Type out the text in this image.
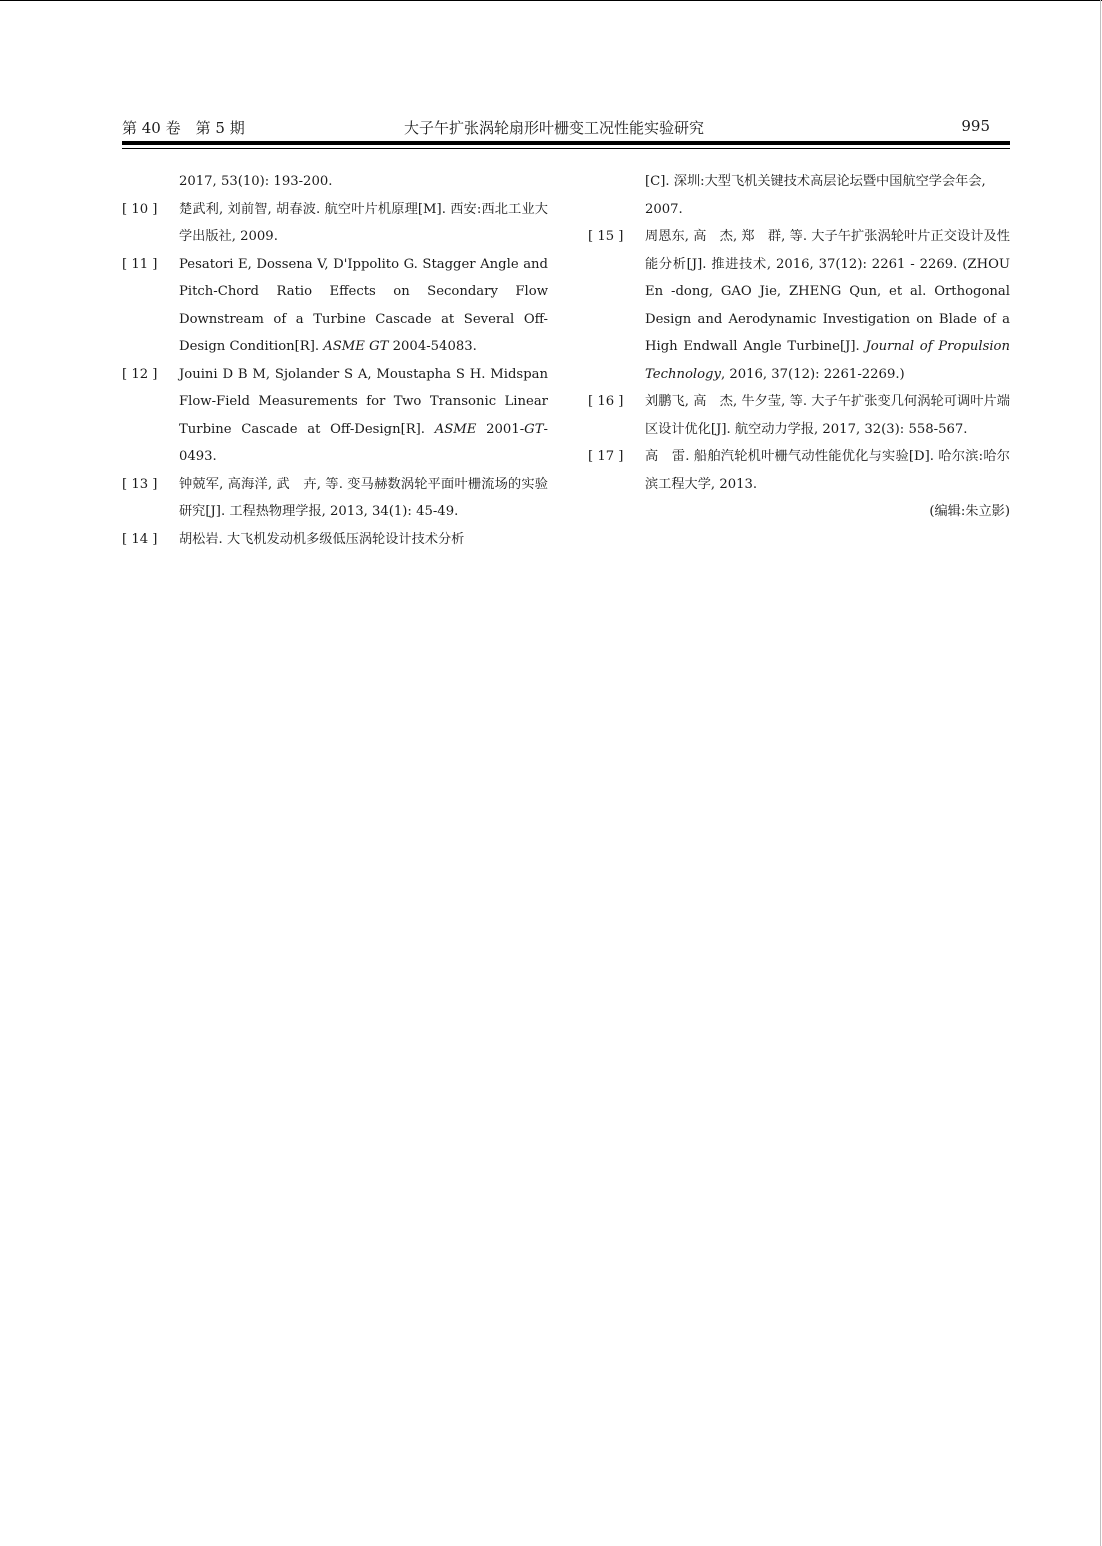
第 40 卷　第 5 期	大子午扩张涡轮扇形叶栅变工况性能实验研究	995
2017, 53(10): 193-200.
[ 10 ] 楚武利, 刘前智, 胡春波. 航空叶片机原理[M]. 西安:西北工业大学出版社, 2009.
[ 11 ] Pesatori E, Dossena V, D'Ippolito G. Stagger Angle and Pitch-Chord Ratio Effects on Secondary Flow Downstream of a Turbine Cascade at Several Off-Design Condition[R]. ASME GT 2004-54083.
[ 12 ] Jouini D B M, Sjolander S A, Moustapha S H. Midspan Flow-Field Measurements for Two Transonic Linear Turbine Cascade at Off-Design[R]. ASME 2001-GT-0493.
[ 13 ] 钟兢军, 高海洋, 武　卉, 等. 变马赫数涡轮平面叶栅流场的实验研究[J]. 工程热物理学报, 2013, 34(1): 45-49.
[ 14 ] 胡松岩. 大飞机发动机多级低压涡轮设计技术分析
[C]. 深圳:大型飞机关键技术高层论坛暨中国航空学会年会, 2007.
[ 15 ] 周恩东, 高　杰, 郑　群, 等. 大子午扩张涡轮叶片正交设计及性能分析[J]. 推进技术, 2016, 37(12): 2261 - 2269. (ZHOU En -dong, GAO Jie, ZHENG Qun, et al. Orthogonal Design and Aerodynamic Investigation on Blade of a High Endwall Angle Turbine[J]. Journal of Propulsion Technology, 2016, 37(12): 2261-2269.)
[ 16 ] 刘鹏飞, 高　杰, 牛夕莹, 等. 大子午扩张变几何涡轮可调叶片端区设计优化[J]. 航空动力学报, 2017, 32(3): 558-567.
[ 17 ] 高　雷. 船舶汽轮机叶栅气动性能优化与实验[D]. 哈尔滨:哈尔滨工程大学, 2013.
(编辑:朱立影)
